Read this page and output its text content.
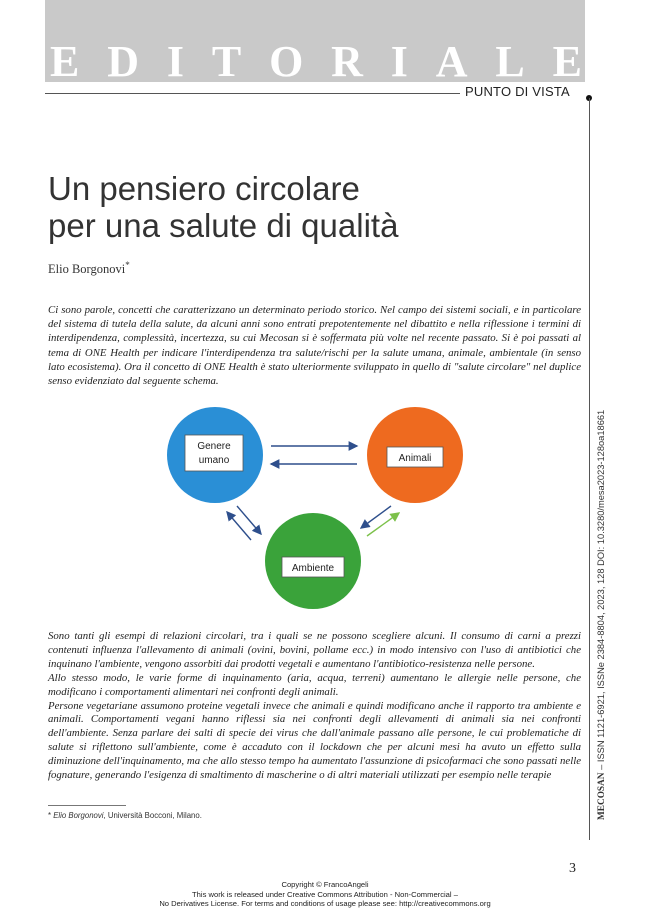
E D I T O R I A L E
PUNTO DI VISTA
MECOSAN – ISSN 1121-6921, ISSNe 2384-8804, 2023, 128 DOI: 10.3280/mesa2023-128oa18661
Un pensiero circolare
per una salute di qualità
Elio Borgonovi*

Ci sono parole, concetti che caratterizzano un determinato periodo storico. Nel campo dei sistemi sociali, e in particolare del sistema di tutela della salute, da alcuni anni sono entrati prepotentemente nel dibattito e nella riflessione i termini di interdipendenza, complessità, incertezza, su cui Mecosan si è soffermata più volte nel recente passato. Si è poi passati al tema di ONE Health per indicare l'interdipendenza tra salute/rischi per la salute umana, animale, ambientale (in senso lato ecosistema). Ora il concetto di ONE Health è stato ulteriormente sviluppato in quello di "salute circolare" nel duplice senso evidenziato dal seguente schema.

Genere
umano	Animali
Ambiente

Sono tanti gli esempi di relazioni circolari, tra i quali se ne possono scegliere alcuni. Il consumo di carni a prezzi contenuti influenza l'allevamento di animali (ovini, bovini, pollame ecc.) in modo intensivo con l'uso di antibiotici che inquinano l'ambiente, vengono assorbiti dai prodotti vegetali e aumentano l'antibiotico-resistenza nelle persone.

Allo stesso modo, le varie forme di inquinamento (aria, acqua, terreni) aumentano le allergie nelle persone, che modificano i comportamenti alimentari nei confronti degli animali.

Persone vegetariane assumono proteine vegetali invece che animali e quindi modificano anche il rapporto tra ambiente e animali. Comportamenti vegani hanno riflessi sia nei confronti degli allevamenti di animali sia nei confronti dell'ambiente. Senza parlare dei salti di specie dei virus che dall'animale passano alle persone, le cui problematiche di salute si riflettono sull'ambiente, come è accaduto con il lockdown che per alcuni mesi ha avuto un effetto sulla diminuzione dell'inquinamento, ma che allo stesso tempo ha aumentato l'assunzione di psicofarmaci che sono passati nelle fognature, generando l'esigenza di smaltimento di mascherine o di altri materiali utilizzati per esempio nelle terapie

* Elio Borgonovi, Università Bocconi, Milano.
3
Copyright © FrancoAngeli
This work is released under Creative Commons Attribution - Non-Commercial –
No Derivatives License. For terms and conditions of usage please see: http://creativecommons.org
